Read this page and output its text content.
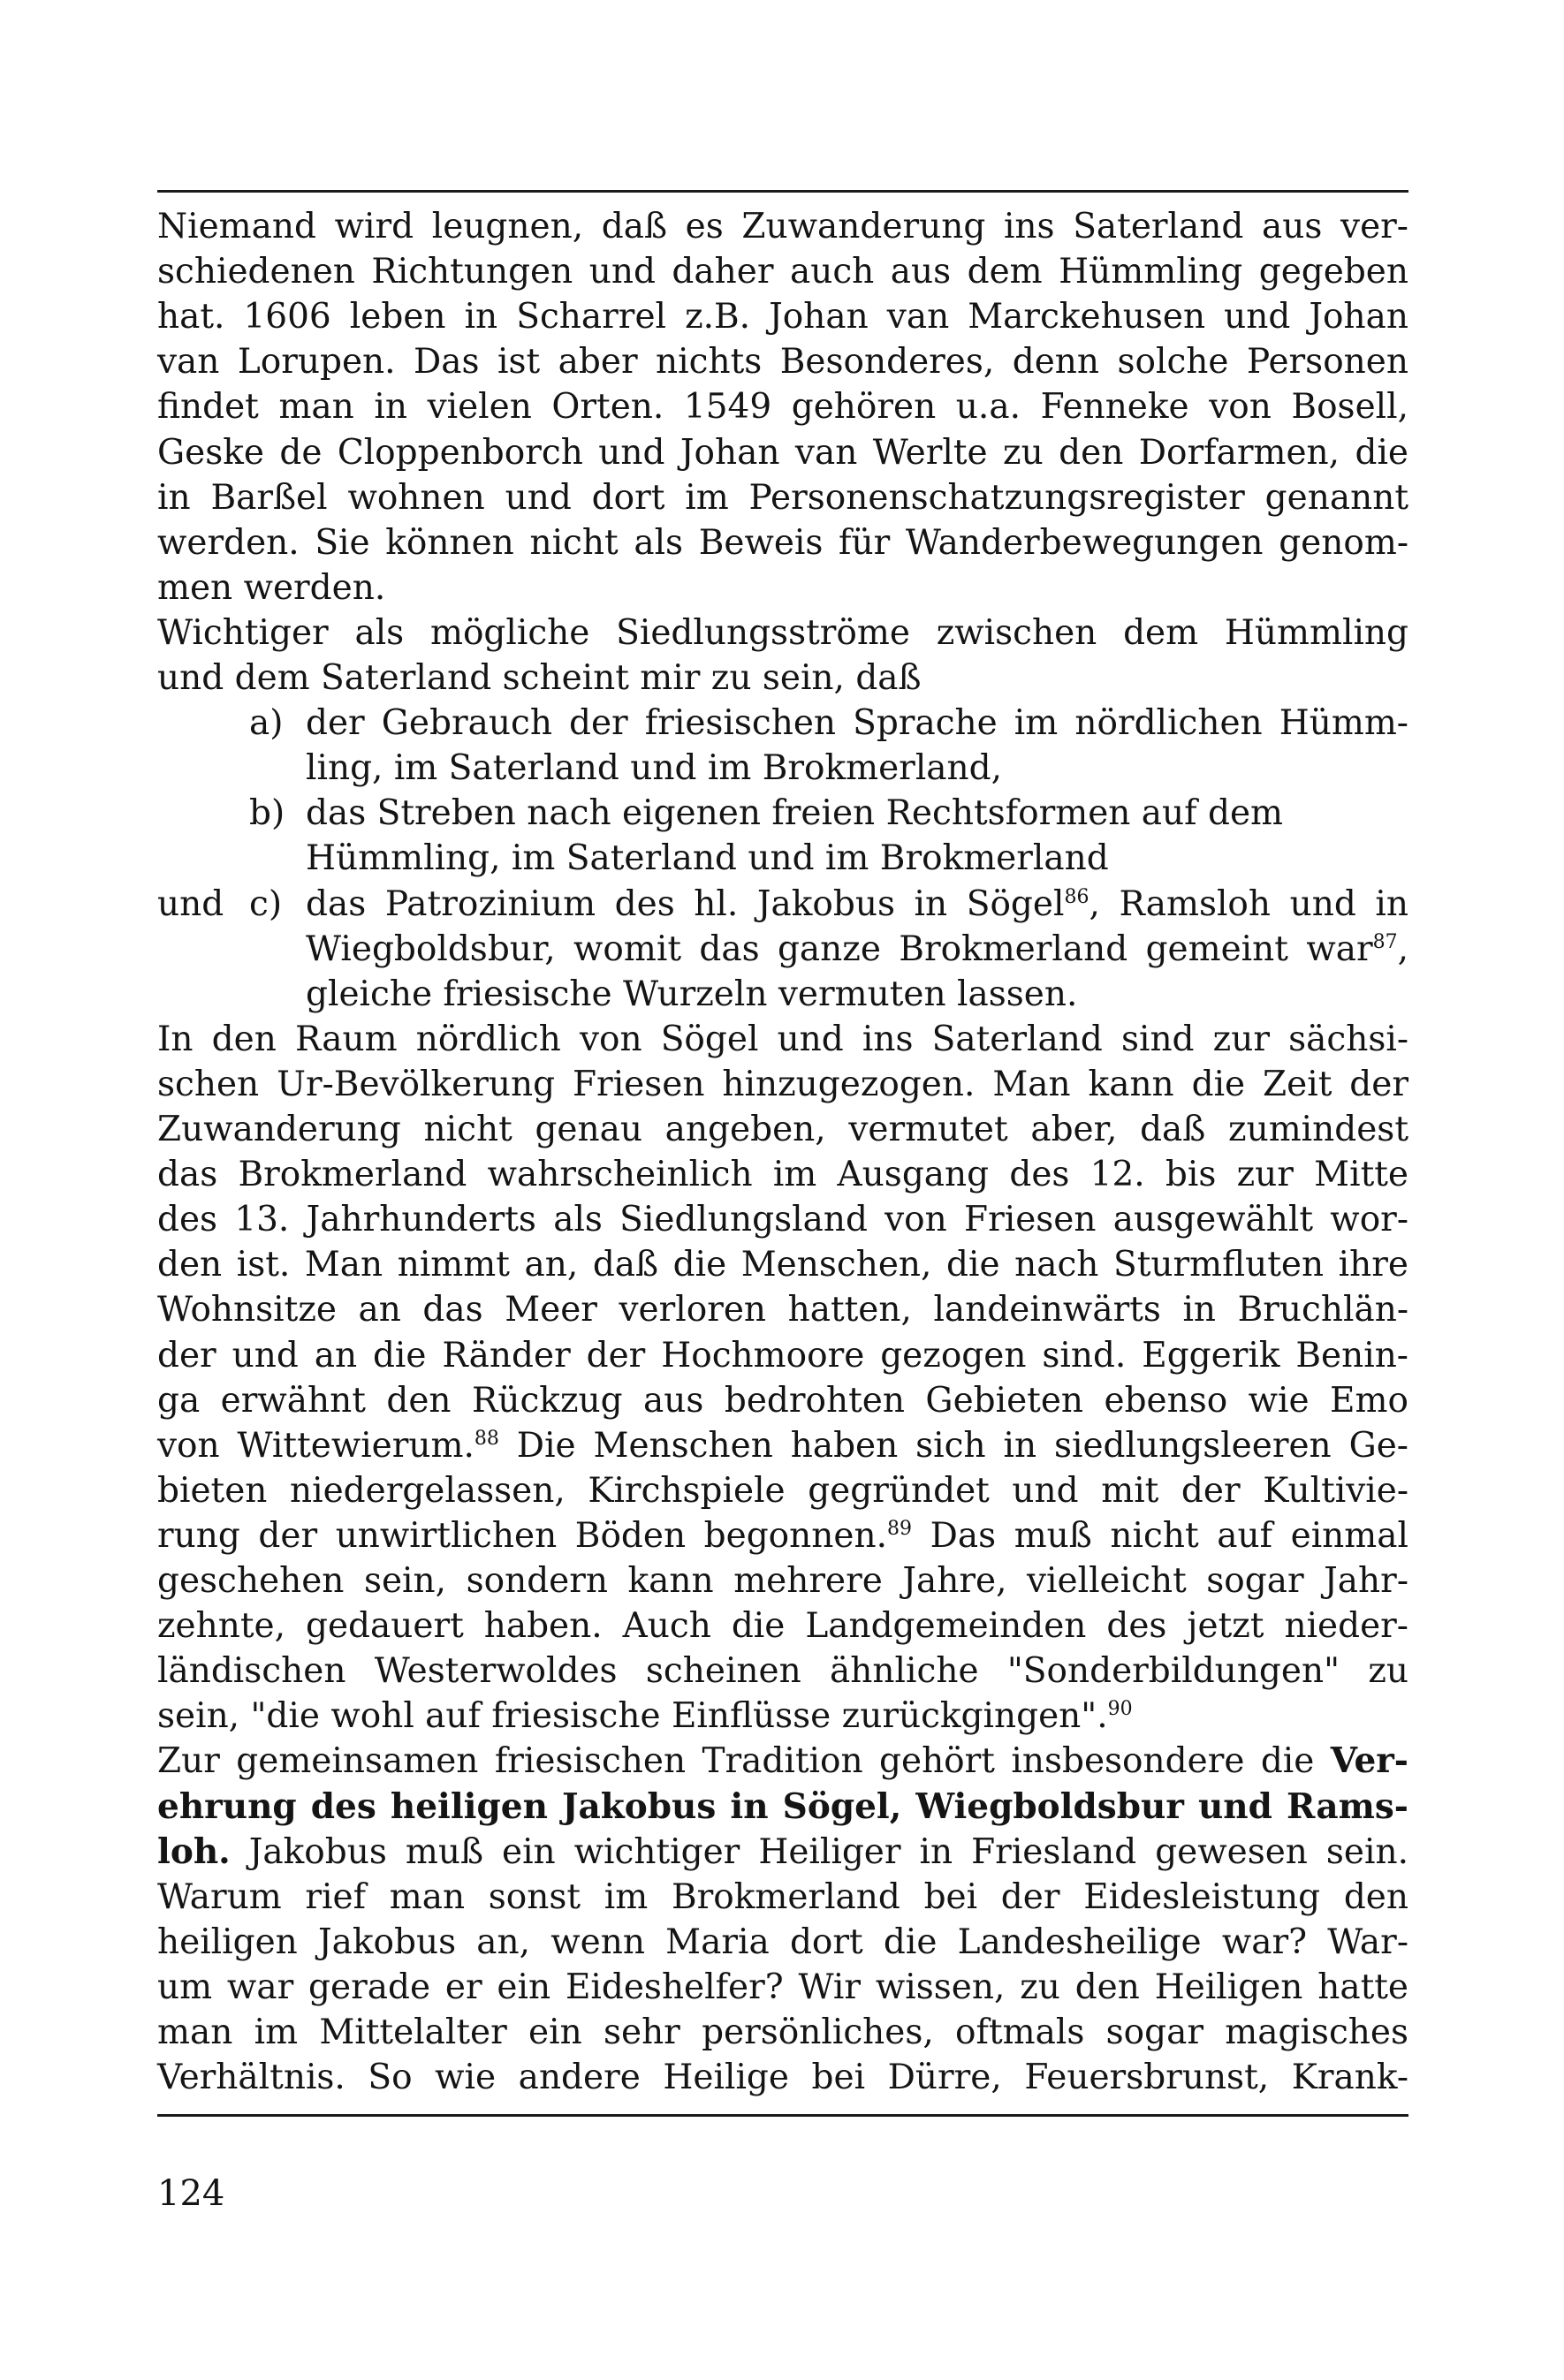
Niemand wird leugnen, daß es Zuwanderung ins Saterland aus ver-
schiedenen Richtungen und daher auch aus dem Hümmling gegeben
hat. 1606 leben in Scharrel z.B. Johan van Marckehusen und Johan
van Lorupen. Das ist aber nichts Besonderes, denn solche Personen
findet man in vielen Orten. 1549 gehören u.a. Fenneke von Bosell,
Geske de Cloppenborch und Johan van Werlte zu den Dorfarmen, die
in Barßel wohnen und dort im Personenschatzungsregister genannt
werden. Sie können nicht als Beweis für Wanderbewegungen genom-
men werden.
Wichtiger als mögliche Siedlungsströme zwischen dem Hümmling
und dem Saterland scheint mir zu sein, daß
a) der Gebrauch der friesischen Sprache im nördlichen Hümm-
ling, im Saterland und im Brokmerland,
b) das Streben nach eigenen freien Rechtsformen auf dem
Hümmling, im Saterland und im Brokmerland
und c) das Patrozinium des hl. Jakobus in Sögel$^{86}$, Ramsloh und in
Wiegboldsbur, womit das ganze Brokmerland gemeint war$^{87}$,
gleiche friesische Wurzeln vermuten lassen.
In den Raum nördlich von Sögel und ins Saterland sind zur sächsi-
schen Ur-Bevölkerung Friesen hinzugezogen. Man kann die Zeit der
Zuwanderung nicht genau angeben, vermutet aber, daß zumindest
das Brokmerland wahrscheinlich im Ausgang des 12. bis zur Mitte
des 13. Jahrhunderts als Siedlungsland von Friesen ausgewählt wor-
den ist. Man nimmt an, daß die Menschen, die nach Sturmfluten ihre
Wohnsitze an das Meer verloren hatten, landeinwärts in Bruchlän-
der und an die Ränder der Hochmoore gezogen sind. Eggerik Benin-
ga erwähnt den Rückzug aus bedrohten Gebieten ebenso wie Emo
von Wittewierum.$^{88}$ Die Menschen haben sich in siedlungsleeren Ge-
bieten niedergelassen, Kirchspiele gegründet und mit der Kultivie-
rung der unwirtlichen Böden begonnen.$^{89}$ Das muß nicht auf einmal
geschehen sein, sondern kann mehrere Jahre, vielleicht sogar Jahr-
zehnte, gedauert haben. Auch die Landgemeinden des jetzt nieder-
ländischen Westerwoldes scheinen ähnliche "Sonderbildungen" zu
sein, "die wohl auf friesische Einflüsse zurückgingen".$^{90}$
Zur gemeinsamen friesischen Tradition gehört insbesondere die Ver-
ehrung des heiligen Jakobus in Sögel, Wiegboldsbur und Rams-
loh. Jakobus muß ein wichtiger Heiliger in Friesland gewesen sein.
Warum rief man sonst im Brokmerland bei der Eidesleistung den
heiligen Jakobus an, wenn Maria dort die Landesheilige war? War-
um war gerade er ein Eideshelfer? Wir wissen, zu den Heiligen hatte
man im Mittelalter ein sehr persönliches, oftmals sogar magisches
Verhältnis. So wie andere Heilige bei Dürre, Feuersbrunst, Krank-
124
